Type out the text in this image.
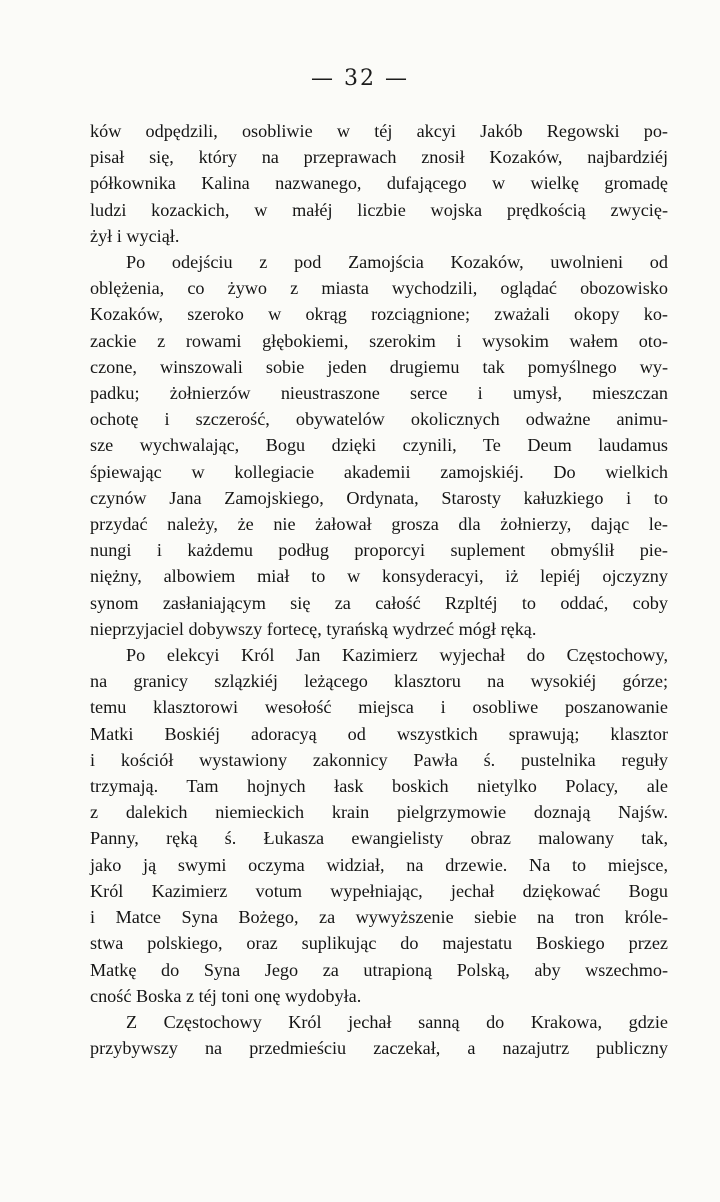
— 32 —
ków odpędzili, osobliwie w téj akcyi Jakób Regowski po-
pisał się, który na przeprawach znosił Kozaków, najbardziéj
półkownika Kalina nazwanego, dufającego w wielkę gromadę
ludzi kozackich, w małéj liczbie wojska prędkością zwycię-
żył i wyciął.
Po odejściu z pod Zamojścia Kozaków, uwolnieni od
oblężenia, co żywo z miasta wychodzili, oglądać obozowisko
Kozaków, szeroko w okrąg rozciągnione; zważali okopy ko-
zackie z rowami głębokiemi, szerokim i wysokim wałem oto-
czone, winszowali sobie jeden drugiemu tak pomyślnego wy-
padku; żołnierzów nieustraszone serce i umysł, mieszczan
ochotę i szczerość, obywatelów okolicznych odważne animu-
sze wychwalając, Bogu dzięki czynili, Te Deum laudamus
śpiewając w kollegiacie akademii zamojskiéj. Do wielkich
czynów Jana Zamojskiego, Ordynata, Starosty kałuzkiego i to
przydać należy, że nie żałował grosza dla żołnierzy, dając le-
nungi i każdemu podług proporcyi suplement obmyślił pie-
niężny, albowiem miał to w konsyderacyi, iż lepiéj ojczyzny
synom zasłaniającym się za całość Rzpltéj to oddać, coby
nieprzyjaciel dobywszy fortecę, tyrańską wydrzeć mógł ręką.
Po elekcyi Król Jan Kazimierz wyjechał do Częstochowy,
na granicy szlązkiéj leżącego klasztoru na wysokiéj górze;
temu klasztorowi wesołość miejsca i osobliwe poszanowanie
Matki Boskiéj adoracyą od wszystkich sprawują; klasztor
i kościół wystawiony zakonnicy Pawła ś. pustelnika reguły
trzymają. Tam hojnych łask boskich nietylko Polacy, ale
z dalekich niemieckich krain pielgrzymowie doznają Najśw.
Panny, ręką ś. Łukasza ewangielisty obraz malowany tak,
jako ją swymi oczyma widział, na drzewie. Na to miejsce,
Król Kazimierz votum wypełniając, jechał dziękować Bogu
i Matce Syna Bożego, za wywyższenie siebie na tron króle-
stwa polskiego, oraz suplikując do majestatu Boskiego przez
Matkę do Syna Jego za utrapioną Polską, aby wszechmo-
cność Boska z téj toni onę wydobyła.
Z Częstochowy Król jechał sanną do Krakowa, gdzie
przybywszy na przedmieściu zaczekał, a nazajutrz publiczny
